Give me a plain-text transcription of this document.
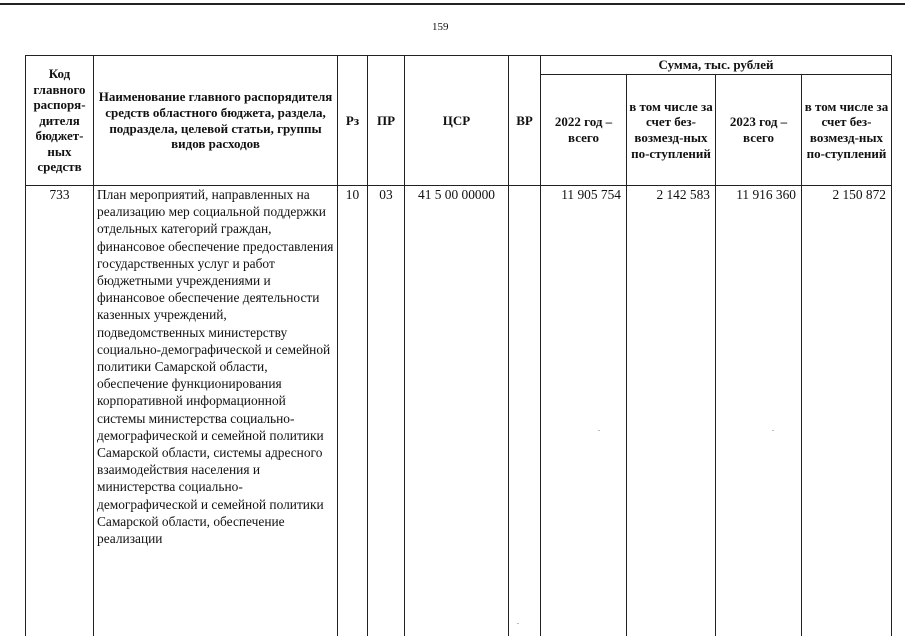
159
Код главного распоря-дителя бюджет-ных средств	Наименование главного распорядителя средств областного бюджета, раздела, подраздела, целевой статьи, группы видов расходов	Рз	ПР	ЦСР	ВР	Сумма, тыс. рублей			
						2022 год – всего	в том числе за счет без-возмезд-ных по-ступлений	2023 год – всего	в том числе за счет без-возмезд-ных по-ступлений
733	План мероприятий, направленных на реализацию мер социальной поддержки отдельных категорий граждан, финансовое обеспечение предоставления государственных услуг и работ бюджетными учреждениями и финансовое обеспечение деятельности казенных учреждений, подведомственных министерству социально-демографической и семейной политики Самарской области, обеспечение функционирования корпоративной информационной системы министерства социально-демографической и семейной политики Самарской области, системы адресного взаимодействия населения и министерства социально-демографической и семейной политики Самарской области, обеспечение реализации	10	03	41 5 00 00000		11 905 754	2 142 583	11 916 360	2 150 872
